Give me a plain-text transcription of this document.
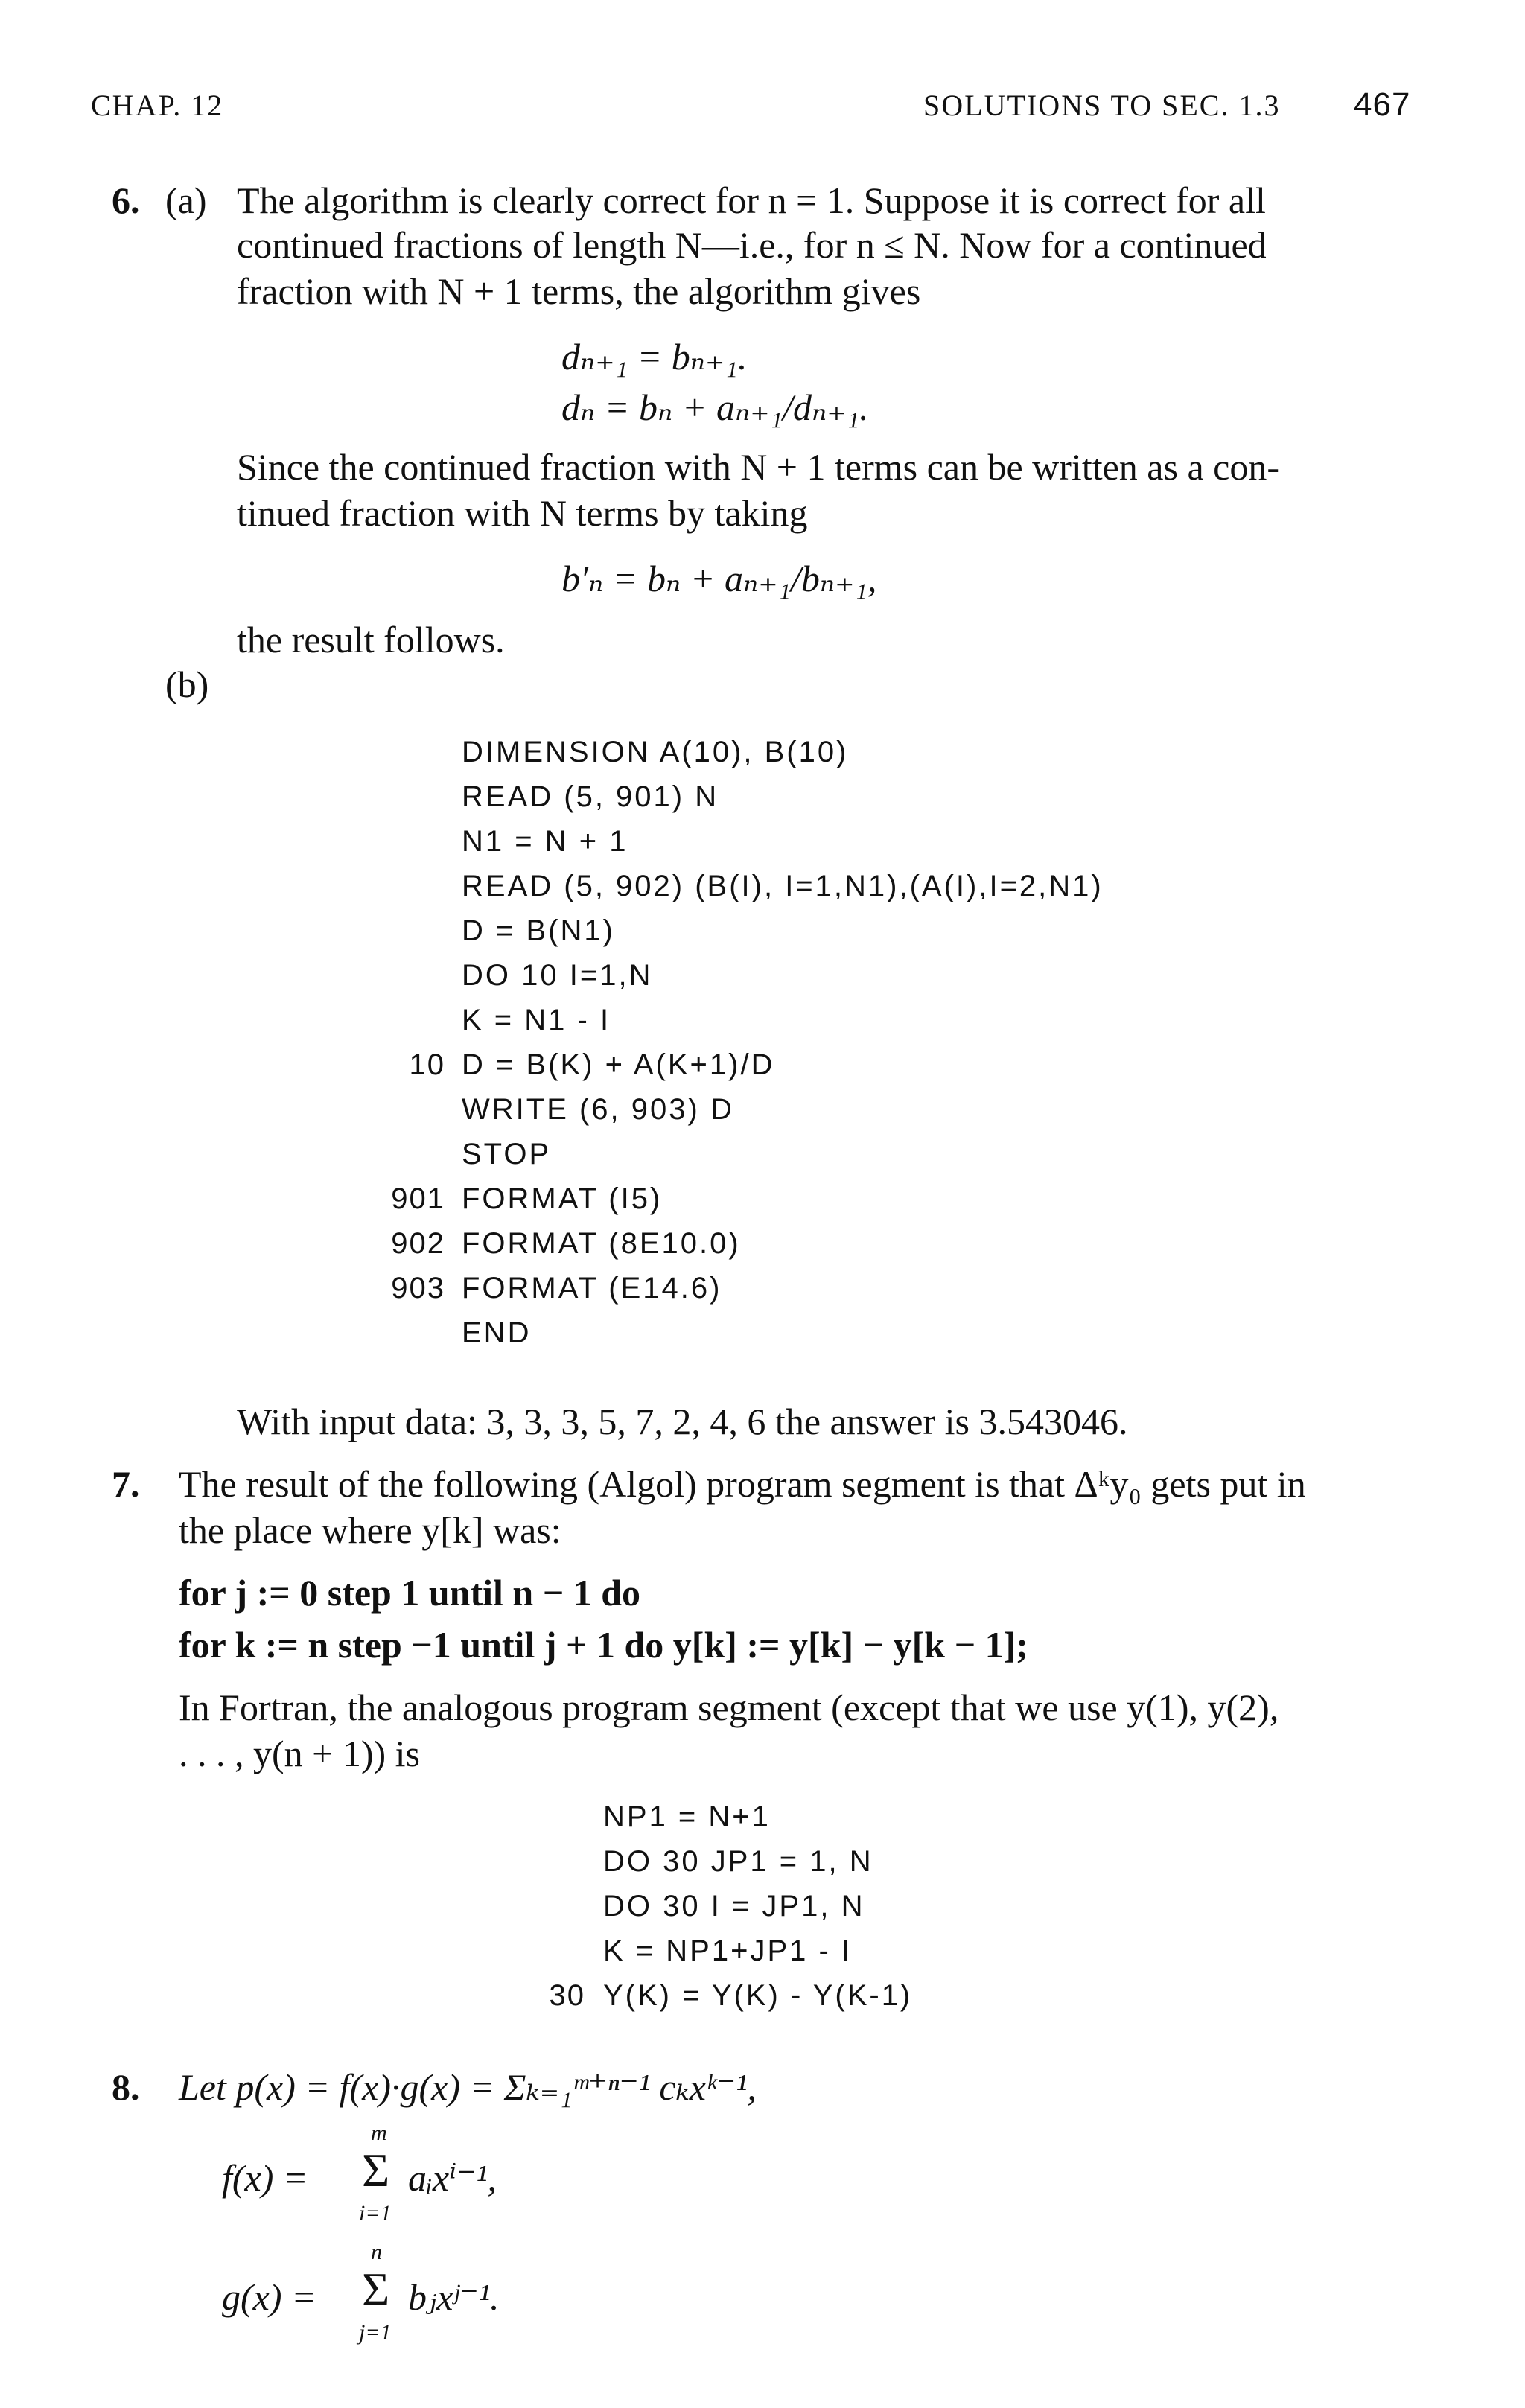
CHAP. 12	SOLUTIONS TO SEC. 1.3 467
6. (a) The algorithm is clearly correct for n = 1. Suppose it is correct for all
continued fractions of length N—i.e., for n ≤ N. Now for a continued
fraction with N + 1 terms, the algorithm gives
dₙ₊₁ = bₙ₊₁.
dₙ = bₙ + aₙ₊₁/dₙ₊₁.
Since the continued fraction with N + 1 terms can be written as a con-
tinued fraction with N terms by taking
b′ₙ = bₙ + aₙ₊₁/bₙ₊₁,
the result follows.
(b)
DIMENSION A(10), B(10)
READ (5, 901) N
N1 = N + 1
READ (5, 902) (B(I), I=1,N1),(A(I),I=2,N1)
D = B(N1)
DO 10 I=1,N
K = N1 - I
10 D = B(K) + A(K+1)/D
WRITE (6, 903) D
STOP
901 FORMAT (I5)
902 FORMAT (8E10.0)
903 FORMAT (E14.6)
END
With input data: 3, 3, 3, 5, 7, 2, 4, 6 the answer is 3.543046.
7. The result of the following (Algol) program segment is that Δᵏy₀ gets put in
the place where y[k] was:
for j := 0 step 1 until n − 1 do
for k := n step −1 until j + 1 do y[k] := y[k] − y[k − 1];
In Fortran, the analogous program segment (except that we use y(1), y(2),
. . . , y(n + 1)) is
NP1 = N+1
DO 30 JP1 = 1, N
DO 30 I = JP1, N
K = NP1+JP1 - I
30 Y(K) = Y(K) - Y(K-1)
8. Let p(x) = f(x)·g(x) = Σₖ₌₁ᵐ⁺ⁿ⁻¹ cₖxᵏ⁻¹,
f(x) =
m
Σ
i=1
aᵢxⁱ⁻¹,
g(x) =
n
Σ
j=1
bⱼxʲ⁻¹.
